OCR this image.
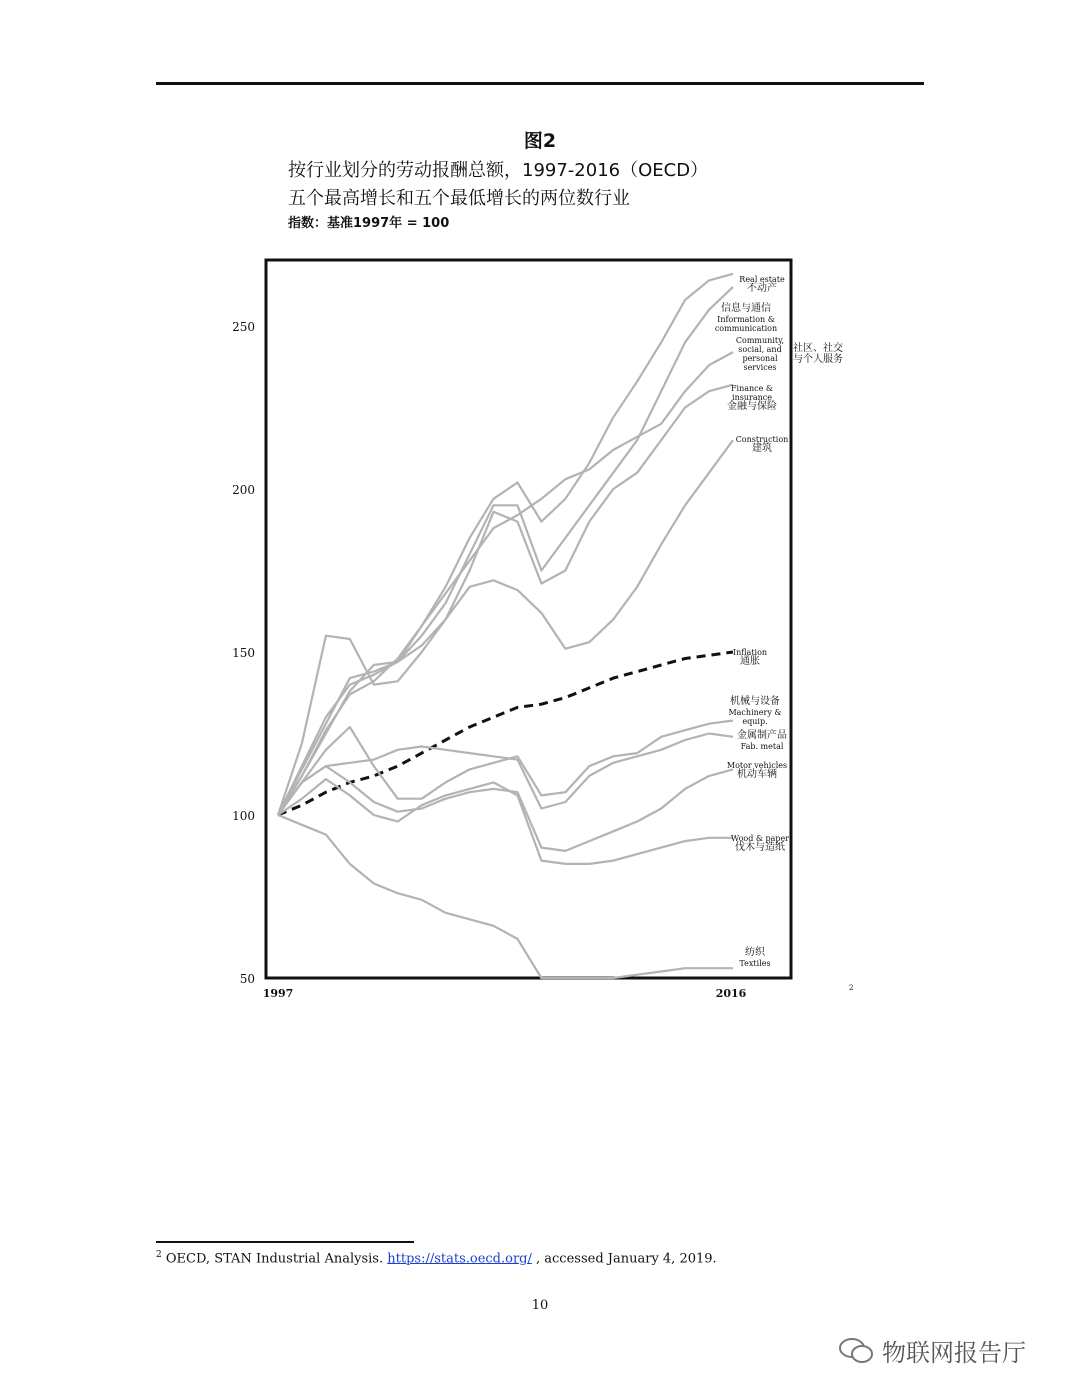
图2
按行业划分的劳动报酬总额，1997-2016（OECD）
五个最高增长和五个最低增长的两位数行业
指数：基准1997年 = 100
50
100
150
200
250
1997	2016
Real estate
不动产
信息与通信
Information &
communication
Community,
social, and
personal
services
社区、社交
与个人服务
Finance &
insurance
金融与保险
Construction
建筑
Inflation
通胀
机械与设备
Machinery &
equip.
金属制产品
Fab. metal
Motor vehicles
机动车辆
Wood & paper
伐木与造纸
纺织
Textiles
2
$^2$ OECD, STAN Industrial Analysis. https://stats.oecd.org/ , accessed January 4, 2019.
10
物联网报告厅
